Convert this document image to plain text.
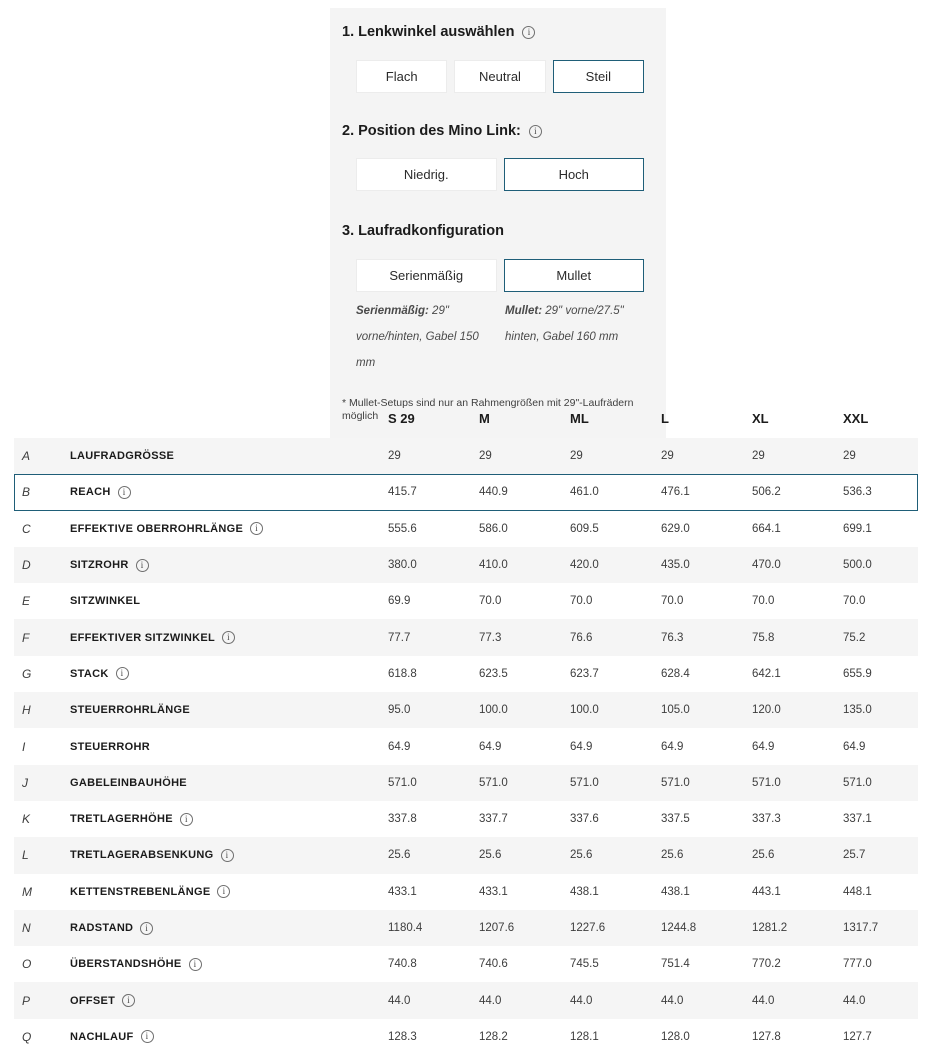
1. Lenkwinkel auswählen	i
Flach	Neutral	Steil
2. Position des Mino Link:	i
Niedrig.	Hoch
3. Laufradkonfiguration
Serienmäßig	Mullet

Serienmäßig: 29" vorne/hinten, Gabel 150 mm

Mullet: 29" vorne/27.5" hinten, Gabel 160 mm

* Mullet-Setups sind nur an Rahmengrößen mit 29"-Laufrädern möglich S 29	M	ML	L	XL	XXL
A	LAUFRADGRÖSSE	29	29	29	29	29	29
B	REACH	i	415.7	440.9	461.0	476.1	506.2	536.3
C	EFFEKTIVE OBERROHRLÄNGE	i	555.6	586.0	609.5	629.0	664.1	699.1
D	SITZROHR	i	380.0	410.0	420.0	435.0	470.0	500.0
E	SITZWINKEL	69.9	70.0	70.0	70.0	70.0	70.0
F	EFFEKTIVER SITZWINKEL	i	77.7	77.3	76.6	76.3	75.8	75.2
G	STACK	i	618.8	623.5	623.7	628.4	642.1	655.9
H	STEUERROHRLÄNGE	95.0	100.0	100.0	105.0	120.0	135.0
I	STEUERROHR	64.9	64.9	64.9	64.9	64.9	64.9
J	GABELEINBAUHÖHE	571.0	571.0	571.0	571.0	571.0	571.0
K	TRETLAGERHÖHE	i	337.8	337.7	337.6	337.5	337.3	337.1
L	TRETLAGERABSENKUNG	i	25.6	25.6	25.6	25.6	25.6	25.7
M	KETTENSTREBENLÄNGE	i	433.1	433.1	438.1	438.1	443.1	448.1
N	RADSTAND	i	1180.4	1207.6	1227.6	1244.8	1281.2	1317.7
O	ÜBERSTANDSHÖHE	i	740.8	740.6	745.5	751.4	770.2	777.0
P	OFFSET	i	44.0	44.0	44.0	44.0	44.0	44.0
Q	NACHLAUF	i	128.3	128.2	128.1	128.0	127.8	127.7
